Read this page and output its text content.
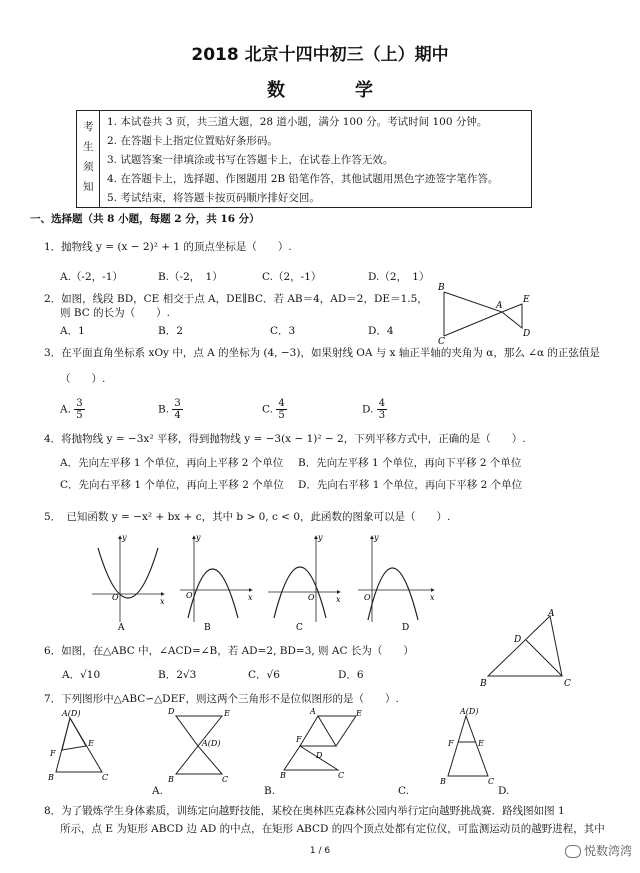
2018 北京十四中初三（上）期中
数　学
考
生
须
知
1. 本试卷共 3 页，共三道大题，28 道小题，满分 100 分。考试时间 100 分钟。
2. 在答题卡上指定位置贴好条形码。
3. 试题答案一律填涂或书写在答题卡上，在试卷上作答无效。
4. 在答题卡上，选择题、作图题用 2B 铅笔作答，其他试题用黑色字迹签字笔作答。
5. 考试结束，将答题卡按页码顺序排好交回。
一、选择题（共 8 小题，每题 2 分，共 16 分）
1．抛物线 y = (x − 2)² + 1 的顶点坐标是（　　）.
A.（-2，-1）	B.（-2，　1）	C.（2，-1）	D.（2，　1）
2．如图，线段 BD，CE 相交于点 A，DE∥BC．若 AB＝4，AD＝2，DE＝1.5，
则 BC 的长为（　　）.
A．1	B．2	C．3	D．4
B
A
E
C
D
3．在平面直角坐标系 xOy 中，点 A 的坐标为 (4, −3)，如果射线 OA 与 x 轴正半轴的夹角为 α，那么 ∠α 的正弦值是
（　　）.
A. $\frac{3}{5}$	B. $\frac{3}{4}$	C. $\frac{4}{5}$	D. $\frac{4}{3}$
4．将抛物线 y = −3x² 平移，得到抛物线 y = −3(x − 1)² − 2，下列平移方式中，正确的是（　　）.
A．先向左平移 1 个单位，再向上平移 2 个单位 B．先向左平移 1 个单位，再向下平移 2 个单位
C．先向右平移 1 个单位，再向上平移 2 个单位 D．先向右平移 1 个单位，再向下平移 2 个单位
5．　已知函数 y = −x² + bx + c，其中 b > 0, c < 0，此函数的图象可以是（　　）.
y
x
O
A
y
x
O
B
y
x
O
C
y
x
O
D
6．如图，在△ABC 中，∠ACD=∠B，若 AD=2, BD=3, 则 AC 长为（　　）
A．√10	B．2√3	C．√6	D．6
A
D
B	C
7．下列图形中△ABC∽△DEF，则这两个三角形不是位似图形的是（　　）.
A(D)
E
F
B	C
D	E
A(D)
B	C
A	E
F
D
B	C
A(D)
F	E
B	C
A.	B.	C.	D.
8．为了锻炼学生身体素质，训练定向越野技能，某校在奥林匹克森林公园内举行定向越野挑战赛．路线图如图 1
所示，点 E 为矩形 ABCD 边 AD 的中点，在矩形 ABCD 的四个顶点处都有定位仪，可监测运动员的越野进程，其中
1 / 6	悦数湾湾
